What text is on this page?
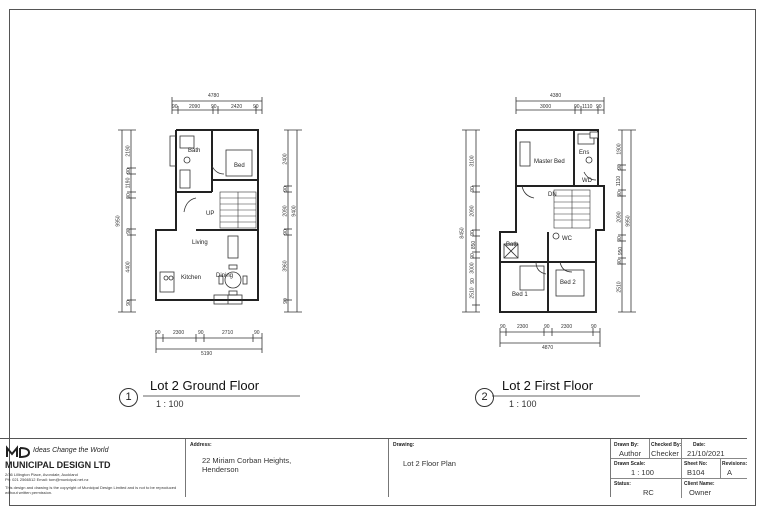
4780
90 2090 90	2420 90
90 2300	90	2710	90
5190
9950
2190
90
1190
90
90
4400
90
2400
90
2090
90
3960
90
9400
Bath
Bed
UP
Living
Kitchen Dining
1
Lot 2 Ground Floor
1 : 100
4380
3000	90 1110 90
90 2300	90 2300	90
4870
8450
3100
90
2090
90
850
90
3000
90
2510
1900
90
1110
90
2090
90
950
90
2510
9950
Master Bed
Ens
WD
DN
Bath
WC
Bed 1
Bed 2
2
Lot 2 First Floor
1 : 100
Ideas Change the World
MUNICIPAL DESIGN LTD
2/36 Lillington Place, Avondale, Auckland
Ph: 021 2566512 Email: tom@municipal.net.nz
This design and drawing is the copyright of Municipal Design Limited and is not to be reproduced without written permission.
Address:
22 Miriam Corban Heights,
Henderson
Drawing:
Lot 2 Floor Plan
Drawn By:
Author
Checked By:
Checker
Date:
21/10/2021
Drawn Scale:
1 : 100
Sheet No:
B104
Revisions:
A
Status:
RC
Client Name:
Owner
